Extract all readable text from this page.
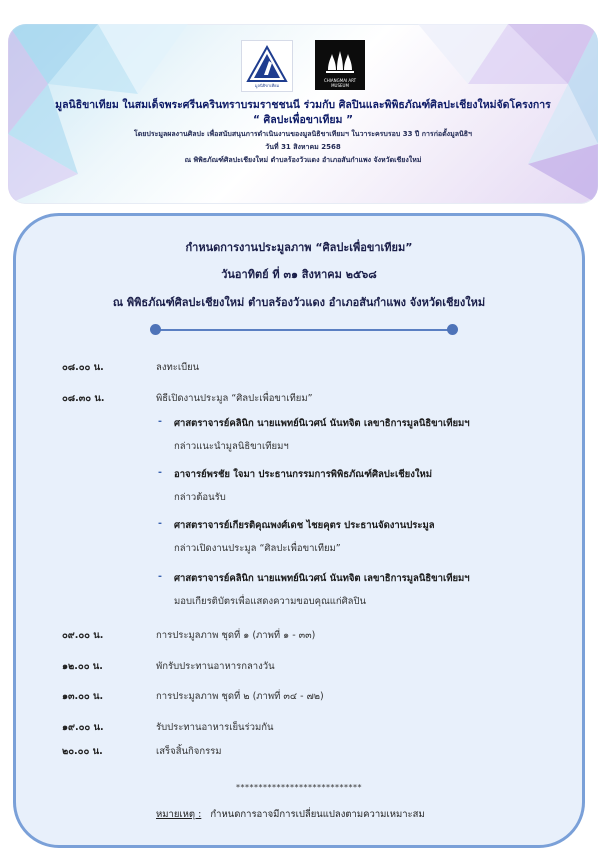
มูลนิธิขาเทียม
CHIANGMAI ART MUSEUM
มูลนิธิขาเทียม ในสมเด็จพระศรีนครินทราบรมราชชนนี ร่วมกับ ศิลปินและพิพิธภัณฑ์ศิลปะเชียงใหม่จัดโครงการ
“ ศิลปะเพื่อขาเทียม ”
โดยประมูลผลงานศิลปะ เพื่อสนับสนุนการดำเนินงานของมูลนิธิขาเทียมฯ ในวาระครบรอบ 33 ปี การก่อตั้งมูลนิธิฯ
วันที่ 31 สิงหาคม 2568
ณ พิพิธภัณฑ์ศิลปะเชียงใหม่ ตำบลร้องวัวแดง อำเภอสันกำแพง จังหวัดเชียงใหม่
กำหนดการงานประมูลภาพ “ศิลปะเพื่อขาเทียม”
วันอาทิตย์ ที่ ๓๑ สิงหาคม ๒๕๖๘
ณ พิพิธภัณฑ์ศิลปะเชียงใหม่ ตำบลร้องวัวแดง อำเภอสันกำแพง จังหวัดเชียงใหม่
๐๘.๐๐ น.	ลงทะเบียน
๐๘.๓๐ น.	พิธีเปิดงานประมูล “ศิลปะเพื่อขาเทียม”
- ศาสตราจารย์คลินิก นายแพทย์นิเวศน์ นันทจิต เลขาธิการมูลนิธิขาเทียมฯ
กล่าวแนะนำมูลนิธิขาเทียมฯ
- อาจารย์พรชัย ใจมา ประธานกรรมการพิพิธภัณฑ์ศิลปะเชียงใหม่
กล่าวต้อนรับ
- ศาสตราจารย์เกียรติคุณพงศ์เดช ไชยคุตร ประธานจัดงานประมูล
กล่าวเปิดงานประมูล “ศิลปะเพื่อขาเทียม”
- ศาสตราจารย์คลินิก นายแพทย์นิเวศน์ นันทจิต เลขาธิการมูลนิธิขาเทียมฯ
มอบเกียรติบัตรเพื่อแสดงความขอบคุณแก่ศิลปิน
๐๙.๐๐ น.	การประมูลภาพ ชุดที่ ๑ (ภาพที่ ๑ - ๓๓)
๑๒.๐๐ น.	พักรับประทานอาหารกลางวัน
๑๓.๐๐ น.	การประมูลภาพ ชุดที่ ๒ (ภาพที่ ๓๔ - ๗๒)
๑๙.๐๐ น.	รับประทานอาหารเย็นร่วมกัน
๒๐.๐๐ น.	เสร็จสิ้นกิจกรรม
****************************
หมายเหตุ : กำหนดการอาจมีการเปลี่ยนแปลงตามความเหมาะสม
